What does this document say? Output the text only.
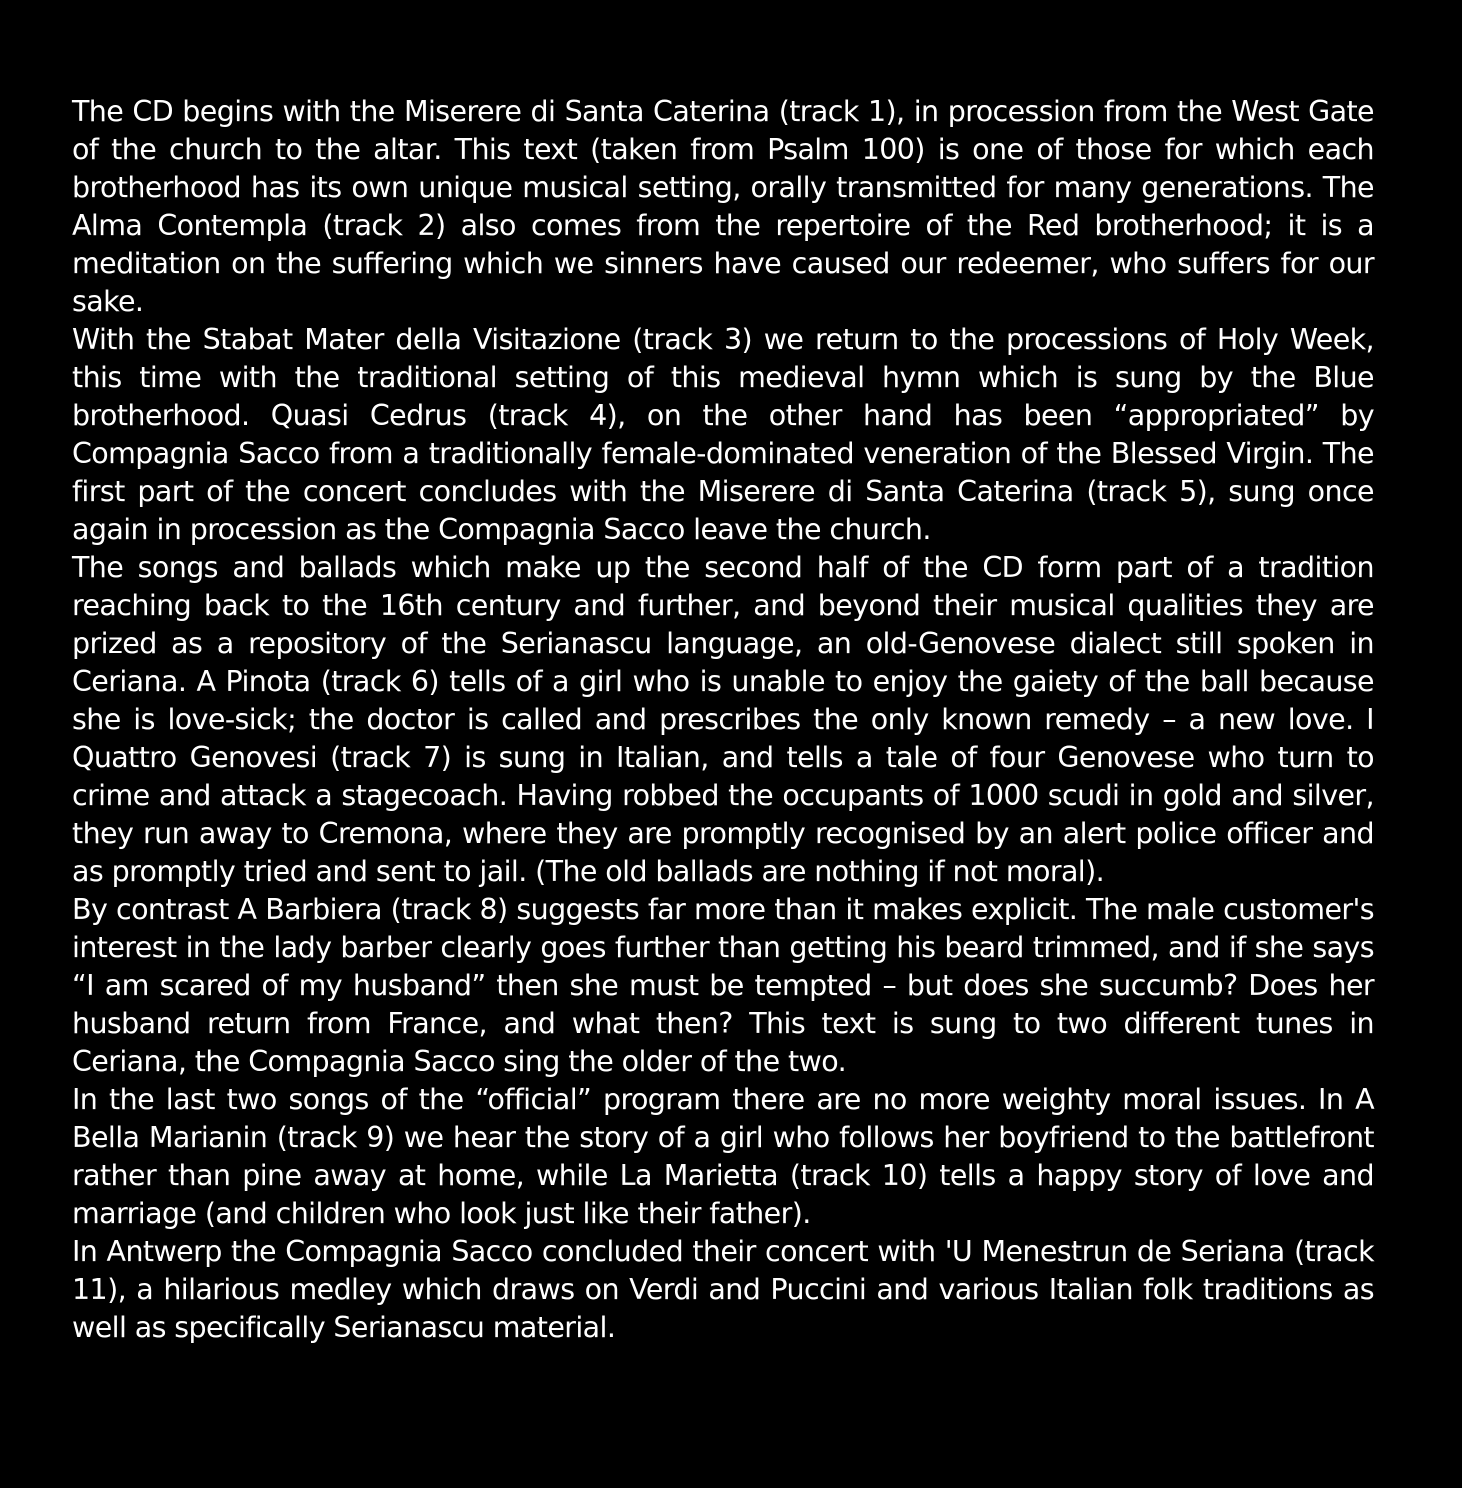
The CD begins with the Miserere di Santa Caterina (track 1), in procession from the West Gate of the church to the altar. This text (taken from Psalm 100) is one of those for which each brotherhood has its own unique musical setting, orally transmitted for many generations. The Alma Contempla (track 2) also comes from the repertoire of the Red brotherhood; it is a meditation on the suffering which we sinners have caused our redeemer, who suffers for our sake.

With the Stabat Mater della Visitazione (track 3) we return to the processions of Holy Week, this time with the traditional setting of this medieval hymn which is sung by the Blue brotherhood. Quasi Cedrus (track 4), on the other hand has been “appropriated” by Compagnia Sacco from a traditionally female-dominated veneration of the Blessed Virgin. The first part of the concert concludes with the Miserere di Santa Caterina (track 5), sung once again in procession as the Compagnia Sacco leave the church.

The songs and ballads which make up the second half of the CD form part of a tradition reaching back to the 16th century and further, and beyond their musical qualities they are prized as a repository of the Serianascu language, an old-Genovese dialect still spoken in Ceriana. A Pinota (track 6) tells of a girl who is unable to enjoy the gaiety of the ball because she is love-sick; the doctor is called and prescribes the only known remedy – a new love. I Quattro Genovesi (track 7) is sung in Italian, and tells a tale of four Genovese who turn to crime and attack a stagecoach. Having robbed the occupants of 1000 scudi in gold and silver, they run away to Cremona, where they are promptly recognised by an alert police officer and as promptly tried and sent to jail. (The old ballads are nothing if not moral).

By contrast A Barbiera (track 8) suggests far more than it makes explicit. The male customer's interest in the lady barber clearly goes further than getting his beard trimmed, and if she says “I am scared of my husband” then she must be tempted – but does she succumb? Does her husband return from France, and what then? This text is sung to two different tunes in Ceriana, the Compagnia Sacco sing the older of the two.

In the last two songs of the “official” program there are no more weighty moral issues. In A Bella Marianin (track 9) we hear the story of a girl who follows her boyfriend to the battlefront rather than pine away at home, while La Marietta (track 10) tells a happy story of love and marriage (and children who look just like their father).

In Antwerp the Compagnia Sacco concluded their concert with 'U Menestrun de Seriana (track 11), a hilarious medley which draws on Verdi and Puccini and various Italian folk traditions as well as specifically Serianascu material.
